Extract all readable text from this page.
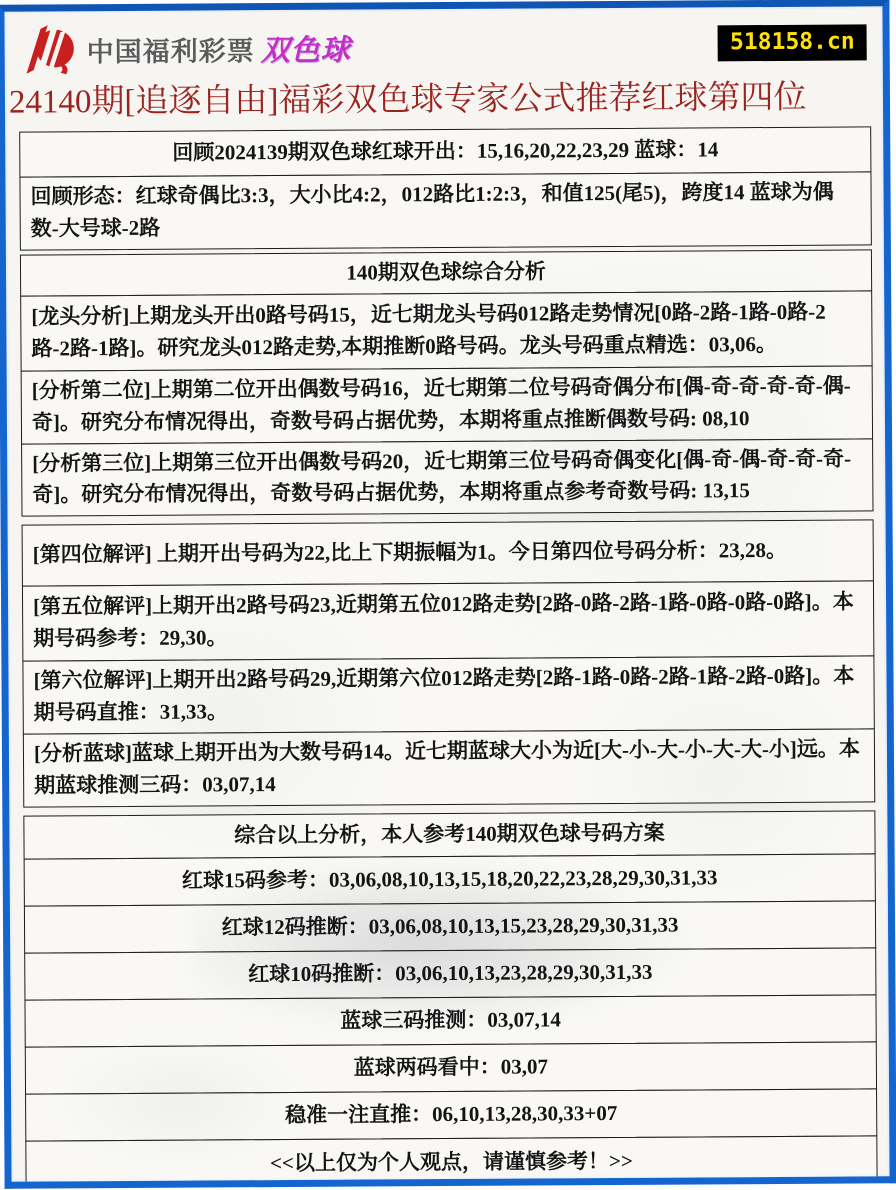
中国福利彩票 双色球	518158.cn
24140期[追逐自由]福彩双色球专家公式推荐红球第四位
回顾2024139期双色球红球开出：15,16,20,22,23,29 蓝球：14
回顾形态：红球奇偶比3:3，大小比4:2，012路比1:2:3，和值125(尾5)，跨度14 蓝球为偶数-大号球-2路
140期双色球综合分析
[龙头分析]上期龙头开出0路号码15，近七期龙头号码012路走势情况[0路-2路-1路-0路-2路-2路-1路]。研究龙头012路走势,本期推断0路号码。龙头号码重点精选：03,06。
[分析第二位]上期第二位开出偶数号码16，近七期第二位号码奇偶分布[偶-奇-奇-奇-奇-偶-奇]。研究分布情况得出，奇数号码占据优势，本期将重点推断偶数号码: 08,10
[分析第三位]上期第三位开出偶数号码20，近七期第三位号码奇偶变化[偶-奇-偶-奇-奇-奇-奇]。研究分布情况得出，奇数号码占据优势，本期将重点参考奇数号码: 13,15
[第四位解评] 上期开出号码为22,比上下期振幅为1。今日第四位号码分析：23,28。
[第五位解评]上期开出2路号码23,近期第五位012路走势[2路-0路-2路-1路-0路-0路-0路]。本期号码参考：29,30。
[第六位解评]上期开出2路号码29,近期第六位012路走势[2路-1路-0路-2路-1路-2路-0路]。本期号码直推：31,33。
[分析蓝球]蓝球上期开出为大数号码14。近七期蓝球大小为近[大-小-大-小-大-大-小]远。本期蓝球推测三码：03,07,14
综合以上分析，本人参考140期双色球号码方案
红球15码参考：03,06,08,10,13,15,18,20,22,23,28,29,30,31,33
红球12码推断：03,06,08,10,13,15,23,28,29,30,31,33
红球10码推断：03,06,10,13,23,28,29,30,31,33
蓝球三码推测：03,07,14
蓝球两码看中：03,07
稳准一注直推：06,10,13,28,30,33+07
<<以上仅为个人观点，请谨慎参考！>>
